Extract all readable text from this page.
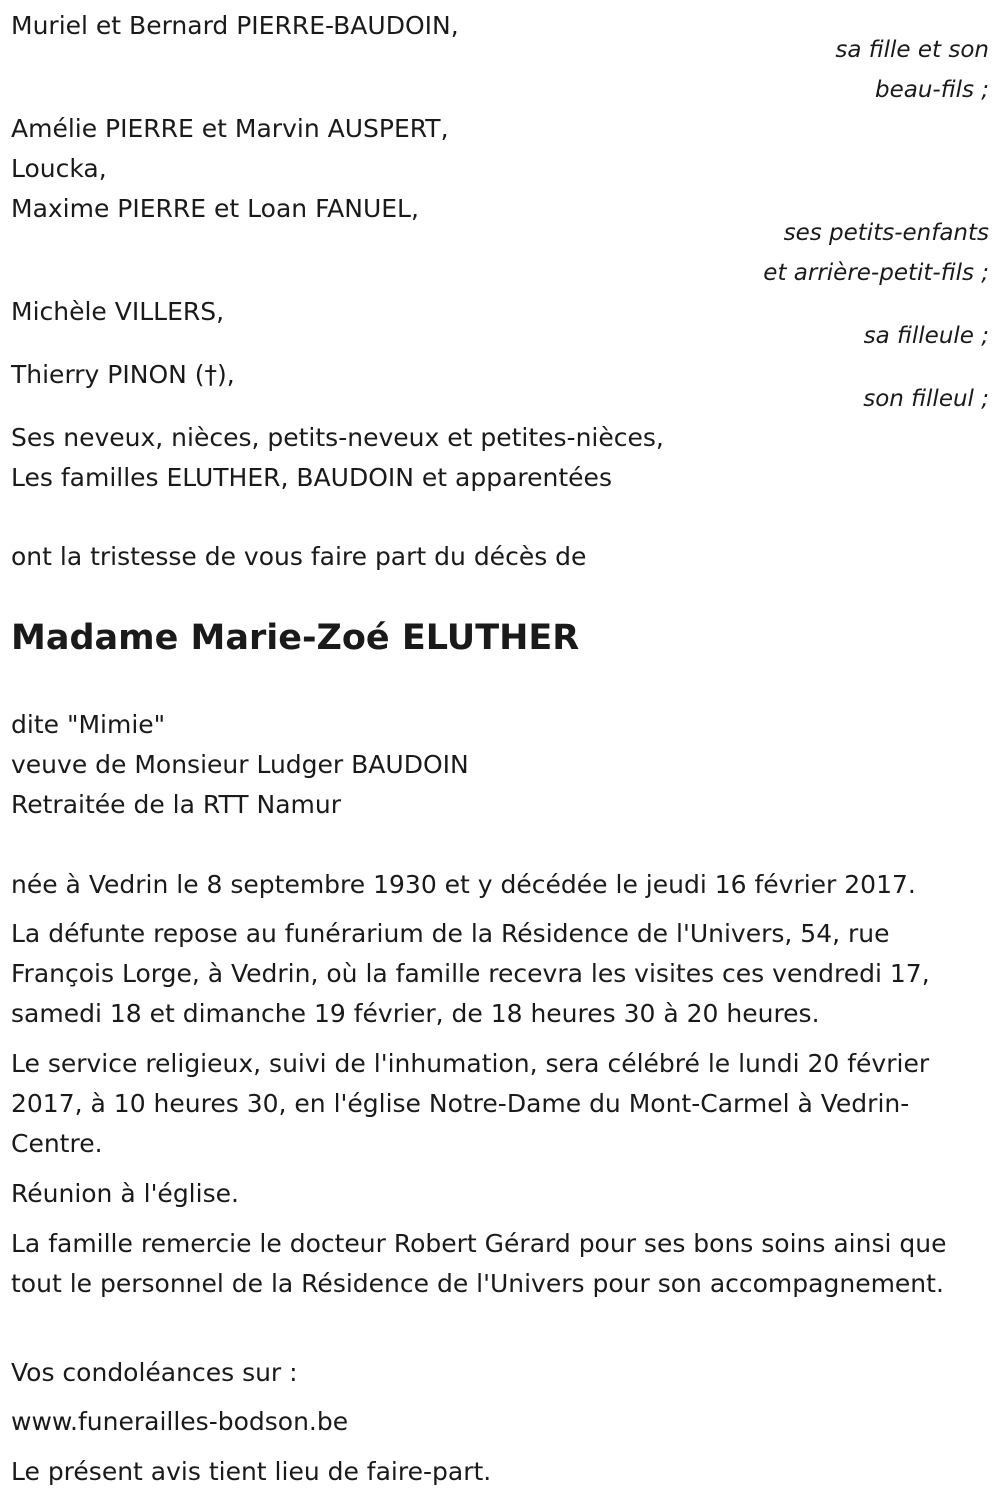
Muriel et Bernard PIERRE-BAUDOIN,

sa fille et son

beau-fils ;

Amélie PIERRE et Marvin AUSPERT,

Loucka,

Maxime PIERRE et Loan FANUEL,

ses petits-enfants

et arrière-petit-fils ;

Michèle VILLERS,

sa filleule ;

Thierry PINON (†),

son filleul ;

Ses neveux, nièces, petits-neveux et petites-nièces,

Les familles ELUTHER, BAUDOIN et apparentées

ont la tristesse de vous faire part du décès de

Madame Marie-Zoé ELUTHER

dite "Mimie"

veuve de Monsieur Ludger BAUDOIN

Retraitée de la RTT Namur

née à Vedrin le 8 septembre 1930 et y décédée le jeudi 16 février 2017.

La défunte repose au funérarium de la Résidence de l'Univers, 54, rue François Lorge, à Vedrin, où la famille recevra les visites ces vendredi 17, samedi 18 et dimanche 19 février, de 18 heures 30 à 20 heures.

Le service religieux, suivi de l'inhumation, sera célébré le lundi 20 février 2017, à 10 heures 30, en l'église Notre-Dame du Mont-Carmel à Vedrin-Centre.

Réunion à l'église.

La famille remercie le docteur Robert Gérard pour ses bons soins ainsi que tout le personnel de la Résidence de l'Univers pour son accompagnement.

Vos condoléances sur :

www.funerailles-bodson.be

Le présent avis tient lieu de faire-part.
